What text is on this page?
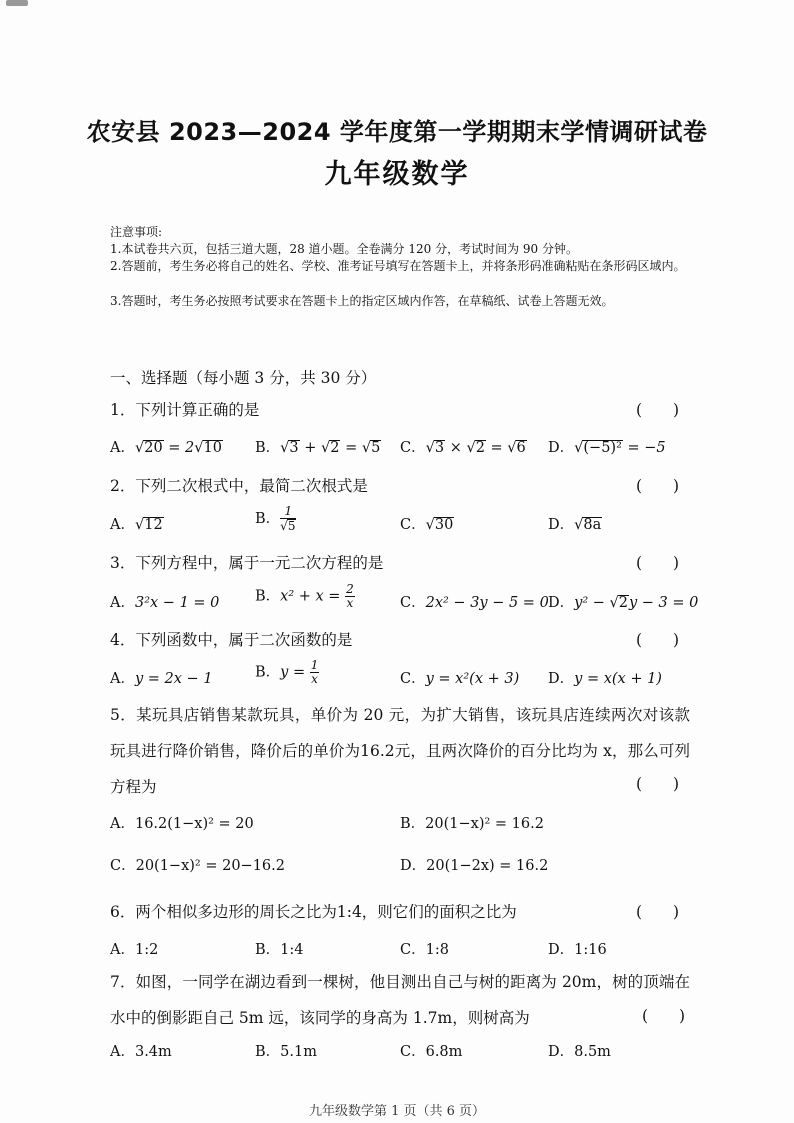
农安县 2023—2024 学年度第一学期期末学情调研试卷
九年级数学
注意事项:
1.本试卷共六页，包括三道大题，28 道小题。全卷满分 120 分，考试时间为 90 分钟。
2.答题前，考生务必将自己的姓名、学校、准考证号填写在答题卡上，并将条形码准确粘贴在条形码区域内。
3.答题时，考生务必按照考试要求在答题卡上的指定区域内作答，在草稿纸、试卷上答题无效。
一、选择题（每小题 3 分，共 30 分）
1．下列计算正确的是	(　　)
A．√20 = 2√10 B．√3 + √2 = √5 C．√3 × √2 = √6 D．√(−5)² = −5
2．下列二次根式中，最简二次根式是	(　　)
A．√12	B． $\frac{1}{√5}$	C．√30	D．√8a
3．下列方程中，属于一元二次方程的是	(　　)
A．3²x − 1 = 0 B．$x^2 + x = \frac{2}{x}$	C．2x² − 3y − 5 = 0 D．y² − √2y − 3 = 0
4．下列函数中，属于二次函数的是	(　　)
A．y = 2x − 1	B．$y = \frac{1}{x}$	C．y = x²(x + 3) D．y = x(x + 1)
5．某玩具店销售某款玩具，单价为 20 元，为扩大销售，该玩具店连续两次对该款玩具进行降价销售，降价后的单价为16.2元，且两次降价的百分比均为 x，那么可列方程为	(　　)
A．16.2(1−x)² = 20	B．20(1−x)² = 16.2
C．20(1−x)² = 20−16.2	D．20(1−2x) = 16.2
6．两个相似多边形的周长之比为1:4，则它们的面积之比为	(　　)
A．1:2	B．1:4	C．1:8	D．1:16
7．如图，一同学在湖边看到一棵树，他目测出自己与树的距离为 20m，树的顶端在水中的倒影距自己 5m 远，该同学的身高为 1.7m，则树高为	(　　)
A．3.4m	B．5.1m	C．6.8m	D．8.5m
九年级数学第 1 页（共 6 页）
